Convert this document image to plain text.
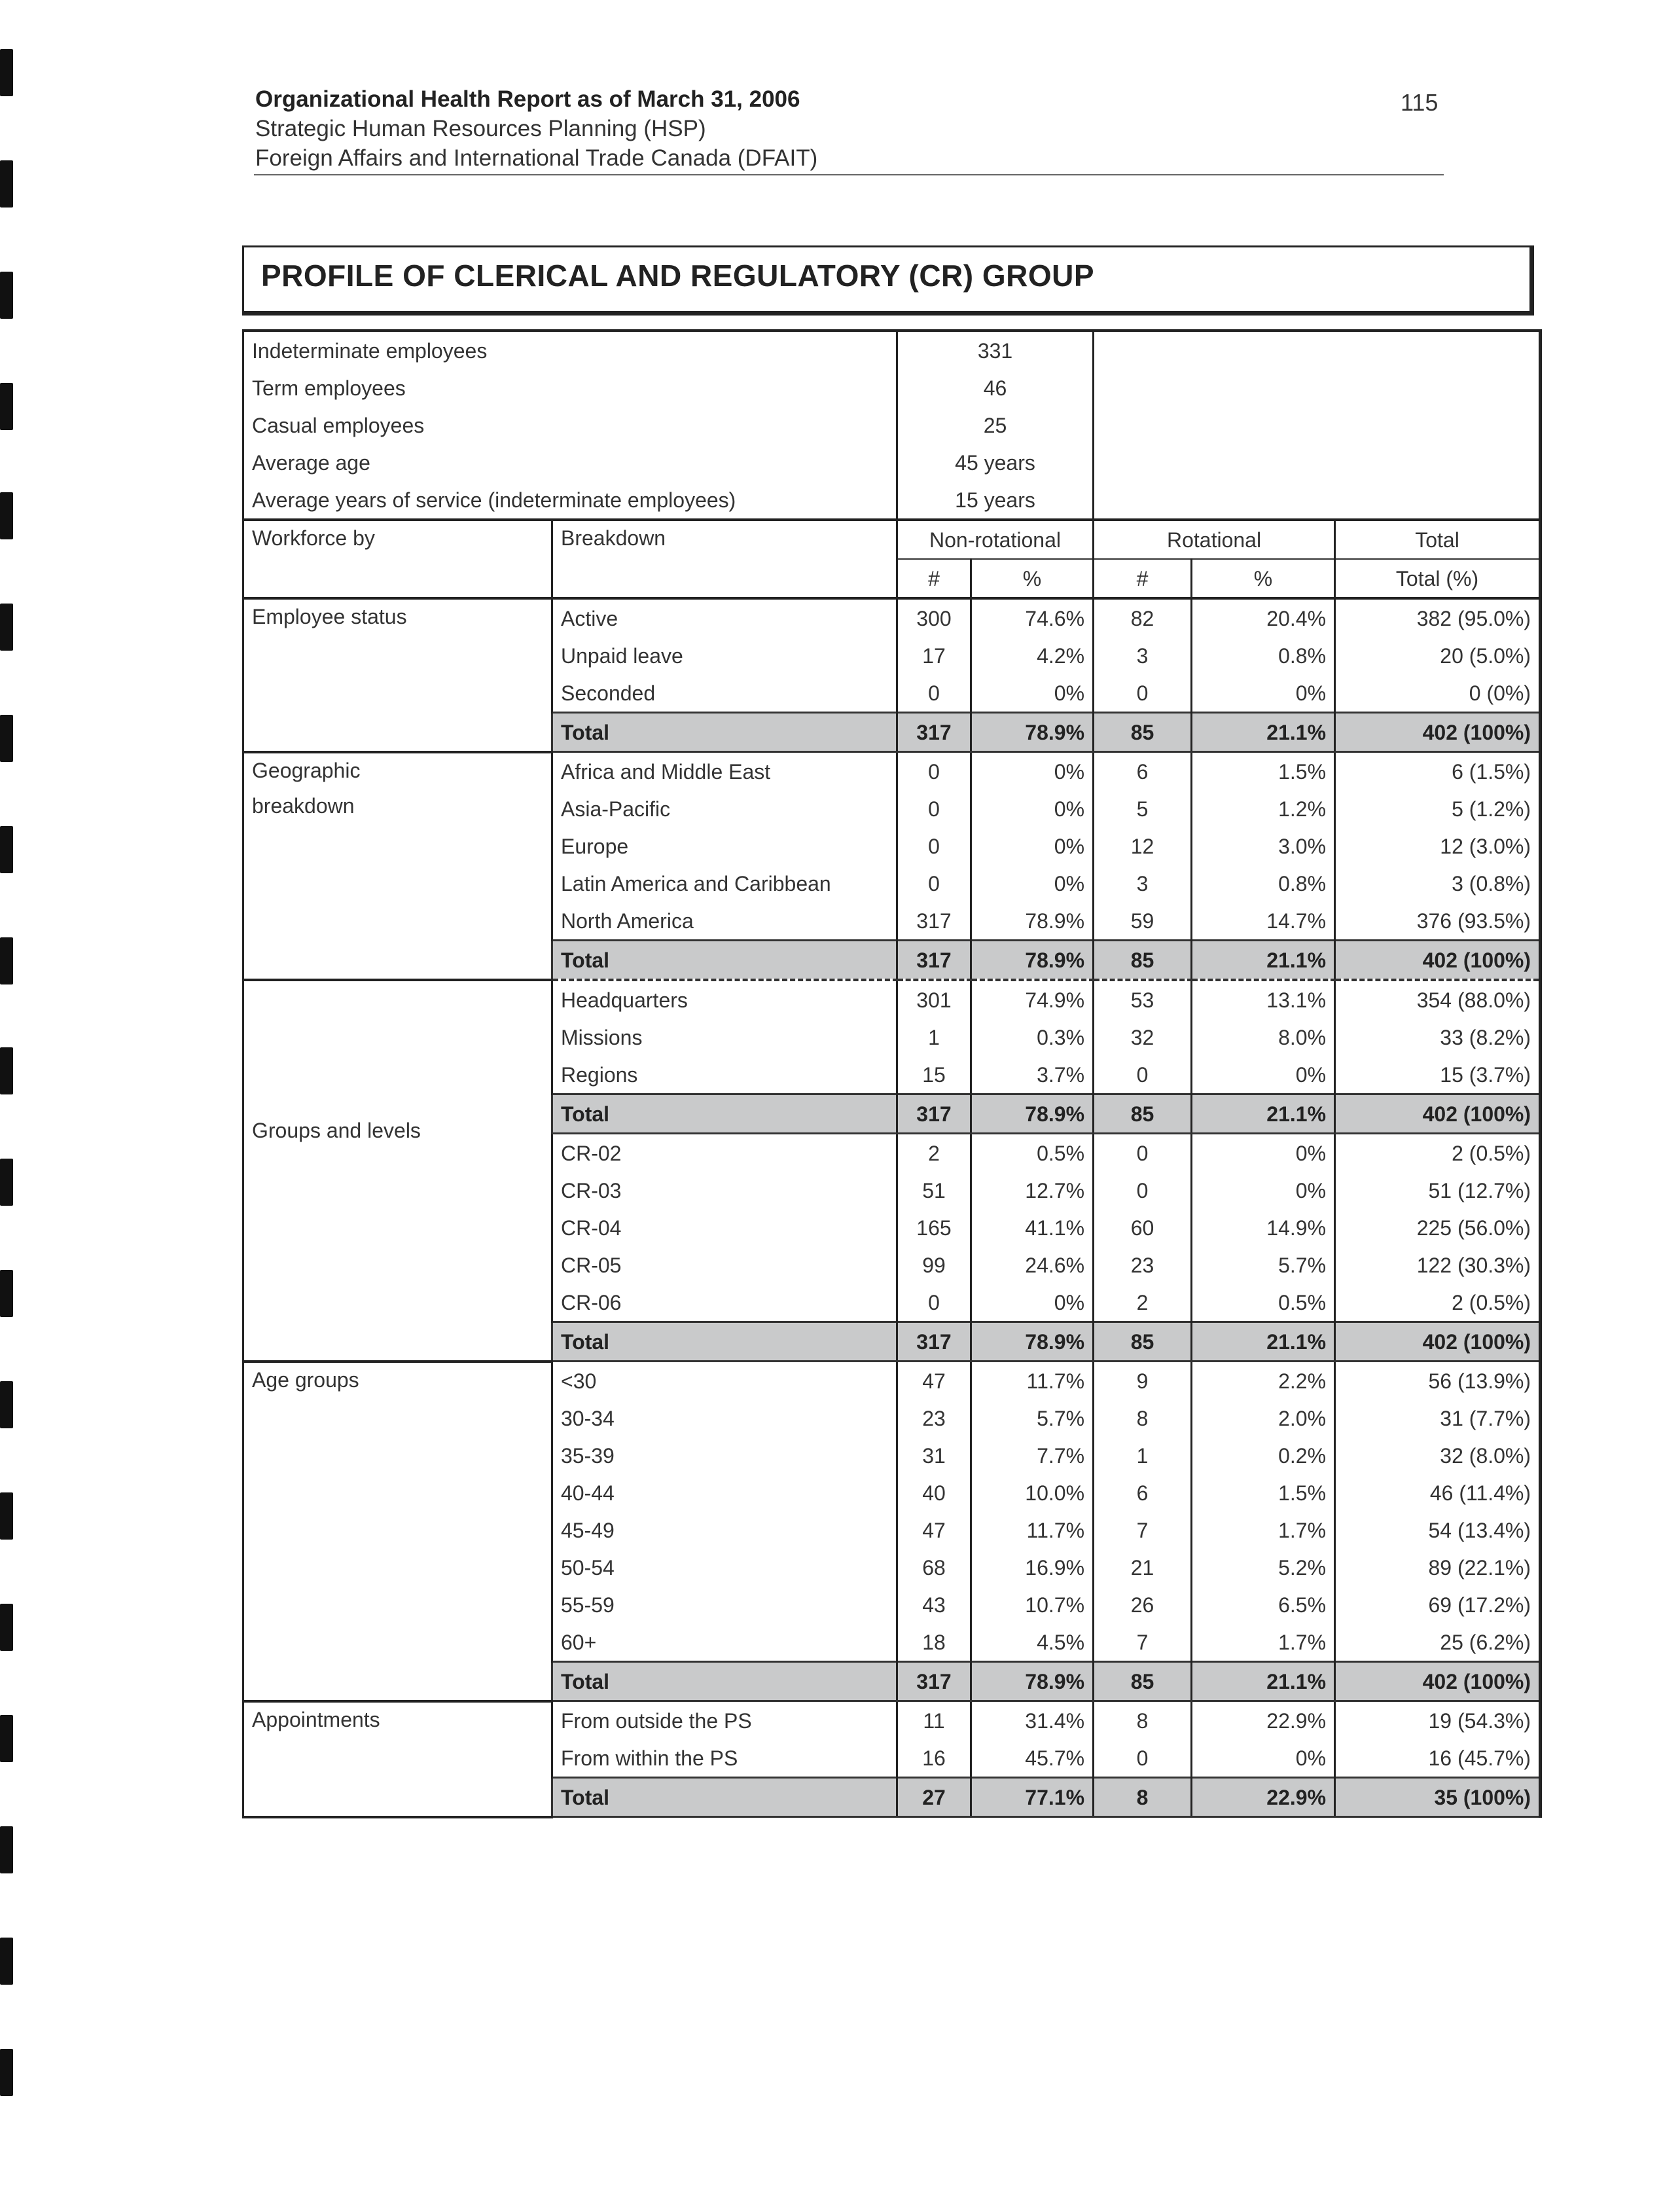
Organizational Health Report as of March 31, 2006
Strategic Human Resources Planning (HSP)
Foreign Affairs and International Trade Canada (DFAIT)
115
PROFILE OF CLERICAL AND REGULATORY (CR) GROUP
Indeterminate employees		331				
Term employees		46				
Casual employees		25				
Average age		45 years				
Average years of service (indeterminate employees)		15 years				
Workforce by	Breakdown	Non-rotational		Rotational		Total
		#	%	#	%	Total (%)
Employee status	Active	300	74.6%	82	20.4%	382 (95.0%)
	Unpaid leave	17	4.2%	3	0.8%	20 (5.0%)
	Seconded	0	0%	0	0%	0 (0%)
	Total	317	78.9%	85	21.1%	402 (100%)

Geographic
breakdown	Africa and Middle East	0	0%	6	1.5%	6 (1.5%)
	Asia-Pacific	0	0%	5	1.2%	5 (1.2%)
	Europe	0	0%	12	3.0%	12 (3.0%)
	Latin America and Caribbean	0	0%	3	0.8%	3 (0.8%)
	North America	317	78.9%	59	14.7%	376 (93.5%)
	Total	317	78.9%	85	21.1%	402 (100%)
Groups and levels	Headquarters	301	74.9%	53	13.1%	354 (88.0%)
	Missions	1	0.3%	32	8.0%	33 (8.2%)
	Regions	15	3.7%	0	0%	15 (3.7%)
	Total	317	78.9%	85	21.1%	402 (100%)
	CR-02	2	0.5%	0	0%	2 (0.5%)
	CR-03	51	12.7%	0	0%	51 (12.7%)
	CR-04	165	41.1%	60	14.9%	225 (56.0%)
	CR-05	99	24.6%	23	5.7%	122 (30.3%)
	CR-06	0	0%	2	0.5%	2 (0.5%)
	Total	317	78.9%	85	21.1%	402 (100%)
Age groups	<30	47	11.7%	9	2.2%	56 (13.9%)
	30-34	23	5.7%	8	2.0%	31 (7.7%)
	35-39	31	7.7%	1	0.2%	32 (8.0%)
	40-44	40	10.0%	6	1.5%	46 (11.4%)
	45-49	47	11.7%	7	1.7%	54 (13.4%)
	50-54	68	16.9%	21	5.2%	89 (22.1%)
	55-59	43	10.7%	26	6.5%	69 (17.2%)
	60+	18	4.5%	7	1.7%	25 (6.2%)
	Total	317	78.9%	85	21.1%	402 (100%)
Appointments	From outside the PS	11	31.4%	8	22.9%	19 (54.3%)
	From within the PS	16	45.7%	0	0%	16 (45.7%)
	Total	27	77.1%	8	22.9%	35 (100%)
